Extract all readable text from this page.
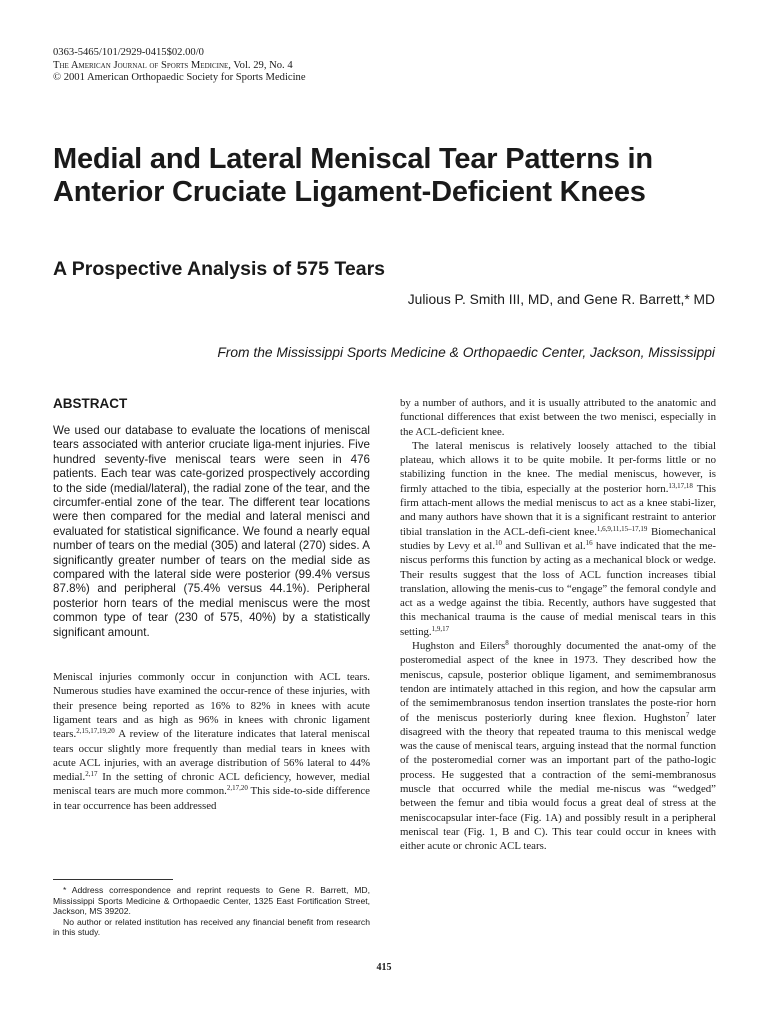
0363-5465/101/2929-0415$02.00/0
The American Journal of Sports Medicine, Vol. 29, No. 4
© 2001 American Orthopaedic Society for Sports Medicine
Medial and Lateral Meniscal Tear Patterns in Anterior Cruciate Ligament-Deficient Knees
A Prospective Analysis of 575 Tears
Julious P. Smith III, MD, and Gene R. Barrett,* MD
From the Mississippi Sports Medicine & Orthopaedic Center, Jackson, Mississippi
ABSTRACT

We used our database to evaluate the locations of meniscal tears associated with anterior cruciate liga-ment injuries. Five hundred seventy-five meniscal tears were seen in 476 patients. Each tear was cate-gorized prospectively according to the side (medial/lateral), the radial zone of the tear, and the circumfer-ential zone of the tear. The different tear locations were then compared for the medial and lateral menisci and evaluated for statistical significance. We found a nearly equal number of tears on the medial (305) and lateral (270) sides. A significantly greater number of tears on the medial side as compared with the lateral side were posterior (99.4% versus 87.8%) and peripheral (75.4% versus 44.1%). Peripheral posterior horn tears of the medial meniscus were the most common type of tear (230 of 575, 40%) by a statistically significant amount.

Meniscal injuries commonly occur in conjunction with ACL tears. Numerous studies have examined the occur-rence of these injuries, with their presence being reported as 16% to 82% in knees with acute ligament tears and as high as 96% in knees with chronic ligament tears.$^{2,15,17,19,20}$ A review of the literature indicates that lateral meniscal tears occur slightly more frequently than medial tears in knees with acute ACL injuries, with an average distribution of 56% lateral to 44% medial.$^{2,17}$ In the setting of chronic ACL deficiency, however, medial meniscal tears are much more common.$^{2,17,20}$ This side-to-side difference in tear occurrence has been addressed

by a number of authors, and it is usually attributed to the anatomic and functional differences that exist between the two menisci, especially in the ACL-deficient knee.

The lateral meniscus is relatively loosely attached to the tibial plateau, which allows it to be quite mobile. It per-forms little or no stabilizing function in the knee. The medial meniscus, however, is firmly attached to the tibia, especially at the posterior horn.$^{13,17,18}$ This firm attach-ment allows the medial meniscus to act as a knee stabi-lizer, and many authors have shown that it is a significant restraint to anterior tibial translation in the ACL-defi-cient knee.$^{1,6,9,11,15-17,19}$ Biomechanical studies by Levy et al.$^{10}$ and Sullivan et al.$^{16}$ have indicated that the me-niscus performs this function by acting as a mechanical block or wedge. Their results suggest that the loss of ACL function increases tibial translation, allowing the menis-cus to “engage” the femoral condyle and act as a wedge against the tibia. Recently, authors have suggested that this mechanical trauma is the cause of medial meniscal tears in this setting.$^{1,9,17}$

Hughston and Eilers$^8$ thoroughly documented the anat-omy of the posteromedial aspect of the knee in 1973. They described how the meniscus, capsule, posterior oblique ligament, and semimembranosus tendon are intimately attached in this region, and how the capsular arm of the semimembranosus tendon insertion translates the poste-rior horn of the meniscus posteriorly during knee flexion. Hughston$^7$ later disagreed with the theory that repeated trauma to this meniscal wedge was the cause of meniscal tears, arguing instead that the normal function of the posteromedial corner was an important part of the patho-logic process. He suggested that a contraction of the semi-membranosus muscle that occurred while the medial me-niscus was “wedged” between the femur and tibia would focus a great deal of stress at the meniscocapsular inter-face (Fig. 1A) and possibly result in a peripheral meniscal tear (Fig. 1, B and C). This tear could occur in knees with either acute or chronic ACL tears.

* Address correspondence and reprint requests to Gene R. Barrett, MD, Mississippi Sports Medicine & Orthopaedic Center, 1325 East Fortification Street, Jackson, MS 39202.

No author or related institution has received any financial benefit from research in this study.

415
